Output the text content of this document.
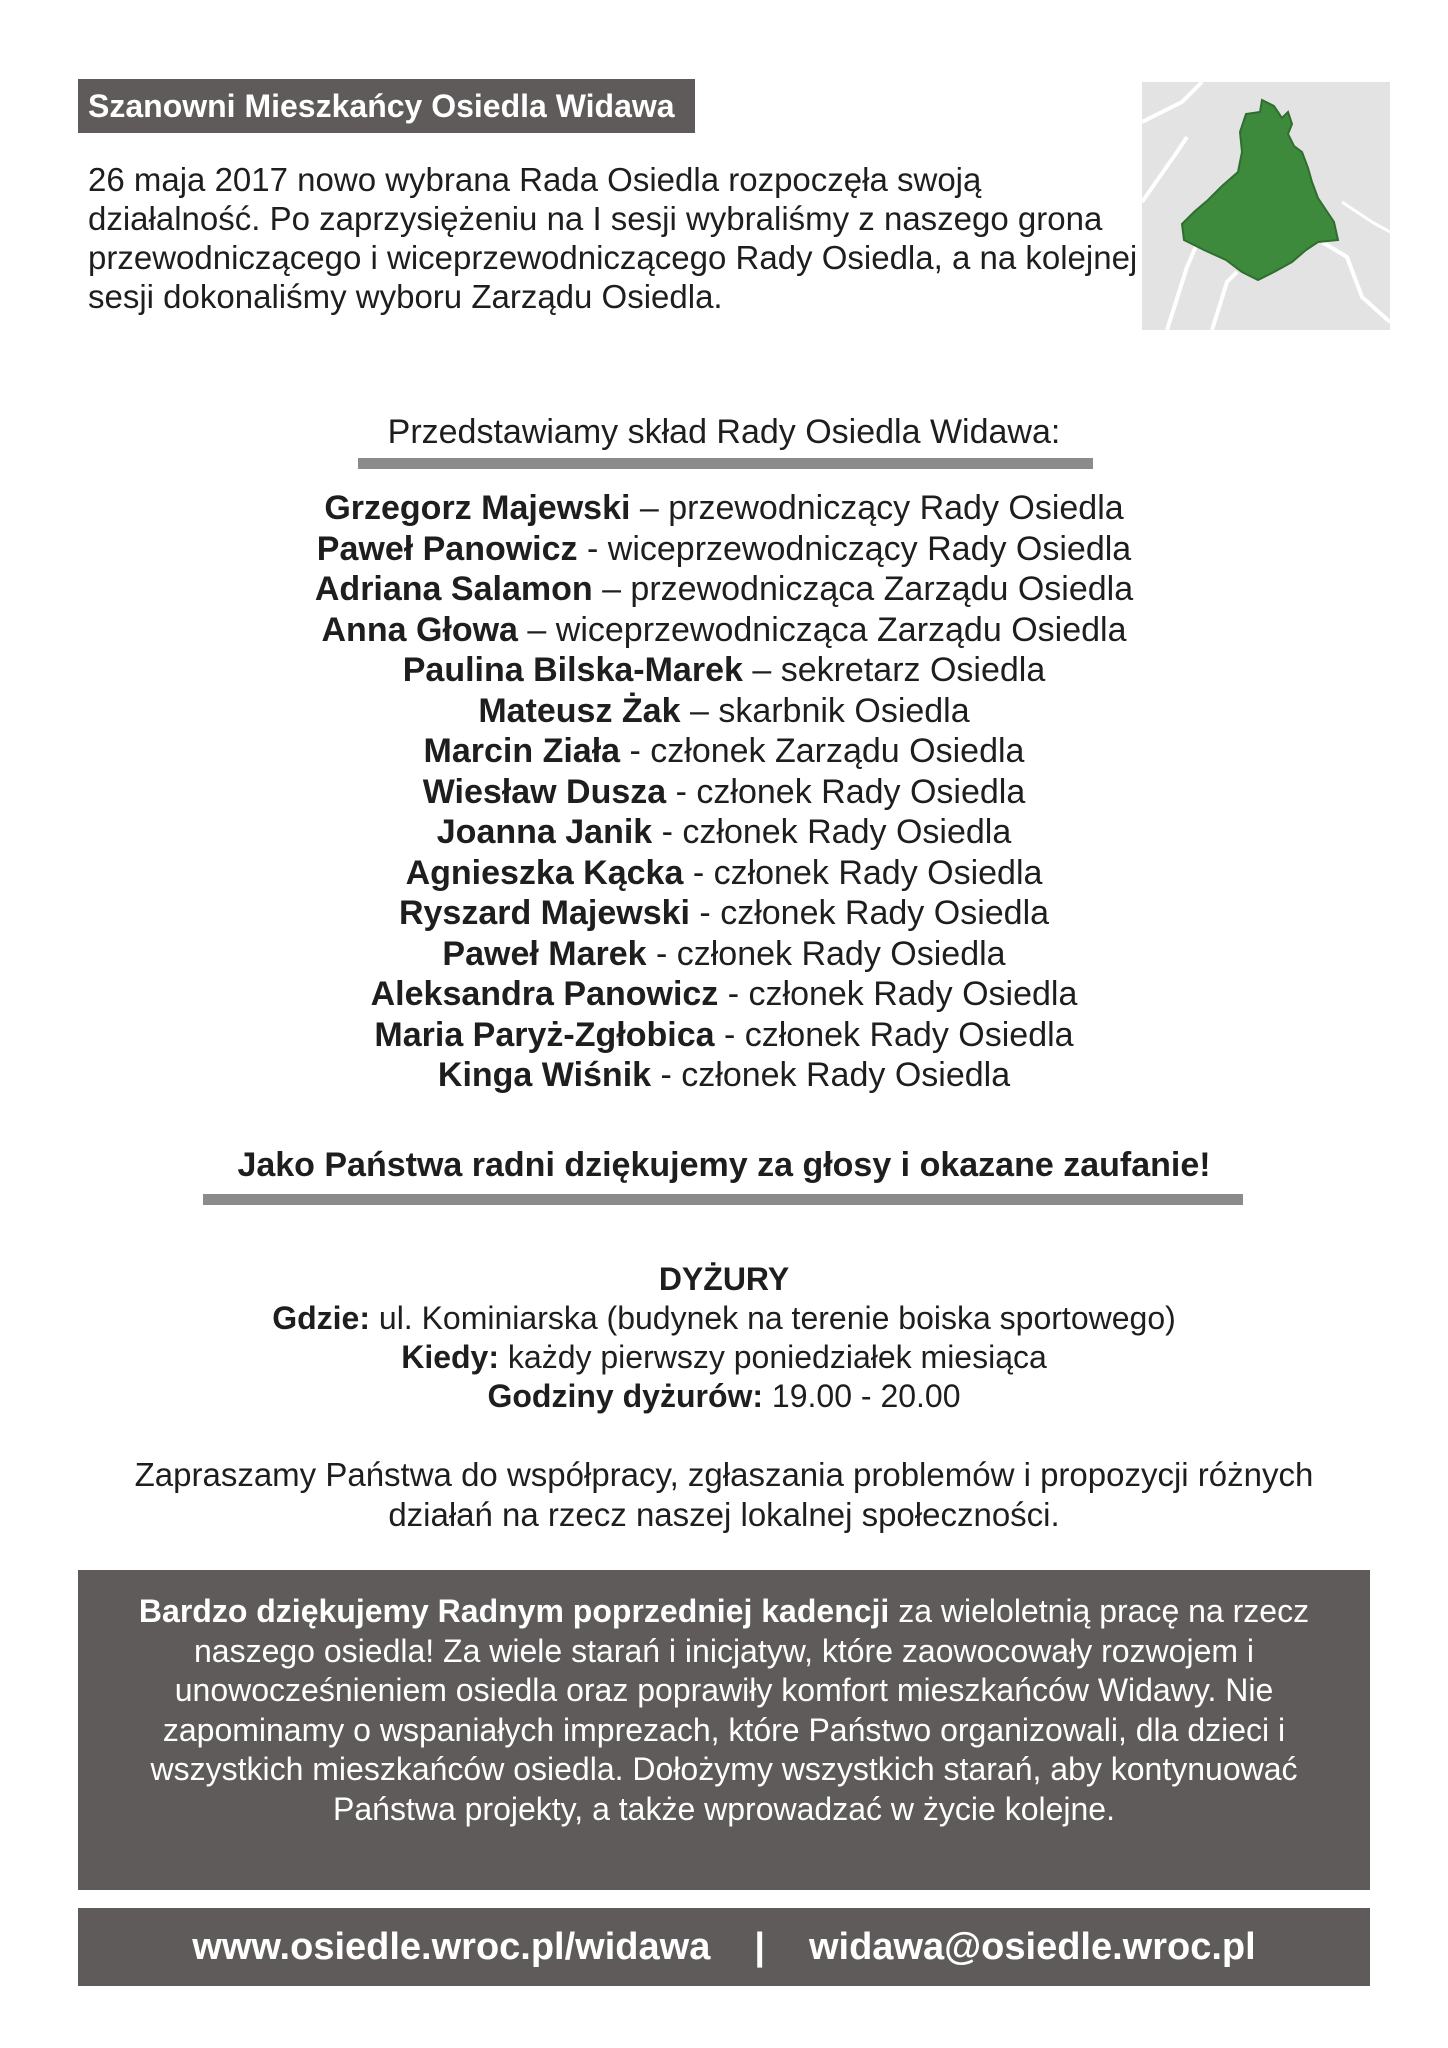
Szanowni Mieszkańcy Osiedla Widawa

26 maja 2017 nowo wybrana Rada Osiedla rozpoczęła swoją działalność. Po zaprzysiężeniu na I sesji wybraliśmy z naszego grona przewodniczącego i wiceprzewodniczącego Rady Osiedla, a na kolejnej sesji dokonaliśmy wyboru Zarządu Osiedla.

Przedstawiamy skład Rady Osiedla Widawa:
Grzegorz Majewski – przewodniczący Rady Osiedla
Paweł Panowicz - wiceprzewodniczący Rady Osiedla
Adriana Salamon – przewodnicząca Zarządu Osiedla
Anna Głowa – wiceprzewodnicząca Zarządu Osiedla
Paulina Bilska-Marek – sekretarz Osiedla
Mateusz Żak – skarbnik Osiedla
Marcin Ziała - członek Zarządu Osiedla
Wiesław Dusza - członek Rady Osiedla
Joanna Janik - członek Rady Osiedla
Agnieszka Kącka - członek Rady Osiedla
Ryszard Majewski - członek Rady Osiedla
Paweł Marek - członek Rady Osiedla
Aleksandra Panowicz - członek Rady Osiedla
Maria Paryż-Zgłobica - członek Rady Osiedla
Kinga Wiśnik - członek Rady Osiedla
Jako Państwa radni dziękujemy za głosy i okazane zaufanie!
DYŻURY
Gdzie: ul. Kominiarska (budynek na terenie boiska sportowego)
Kiedy: każdy pierwszy poniedziałek miesiąca
Godziny dyżurów: 19.00 - 20.00
Zapraszamy Państwa do współpracy, zgłaszania problemów i propozycji różnych
działań na rzecz naszej lokalnej społeczności.
Bardzo dziękujemy Radnym poprzedniej kadencji za wieloletnią pracę na rzecz naszego osiedla! Za wiele starań i inicjatyw, które zaowocowały rozwojem i unowocześnieniem osiedla oraz poprawiły komfort mieszkańców Widawy. Nie zapominamy o wspaniałych imprezach, które Państwo organizowali, dla dzieci i wszystkich mieszkańców osiedla. Dołożymy wszystkich starań, aby kontynuować Państwa projekty, a także wprowadzać w życie kolejne.
www.osiedle.wroc.pl/widawa | widawa@osiedle.wroc.pl
